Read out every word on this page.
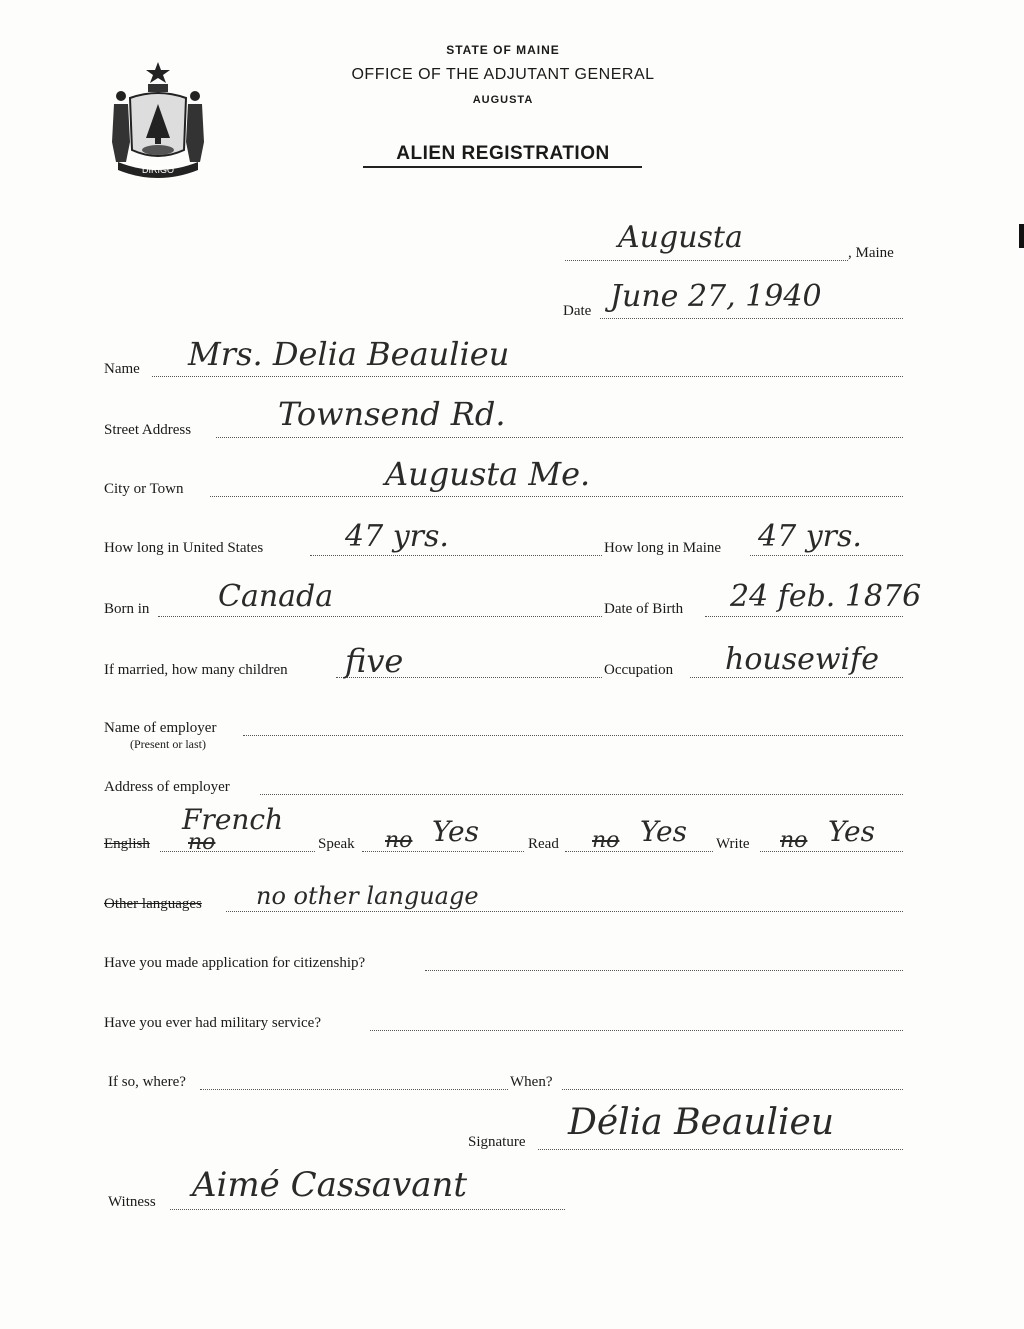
DIRIGO
STATE OF MAINE
OFFICE OF THE ADJUTANT GENERAL
AUGUSTA
ALIEN REGISTRATION
Augusta	, Maine
Date June 27, 1940
Name Mrs. Delia Beaulieu
Street Address	Townsend Rd.
City or Town	Augusta Me.
How long in United States	47 yrs.	How long in Maine 47 yrs.
Born in Canada	Date of Birth 24 feb. 1876
If married, how many children five	Occupation housewife
Name of employer
(Present or last)
Address of employer
English no
French
Speak no Yes	Read no Yes Write no Yes
Other languages no other language
Have you made application for citizenship?
Have you ever had military service?
If so, where?	When?
Signature Délia Beaulieu
Witness Aimé Cassavant
